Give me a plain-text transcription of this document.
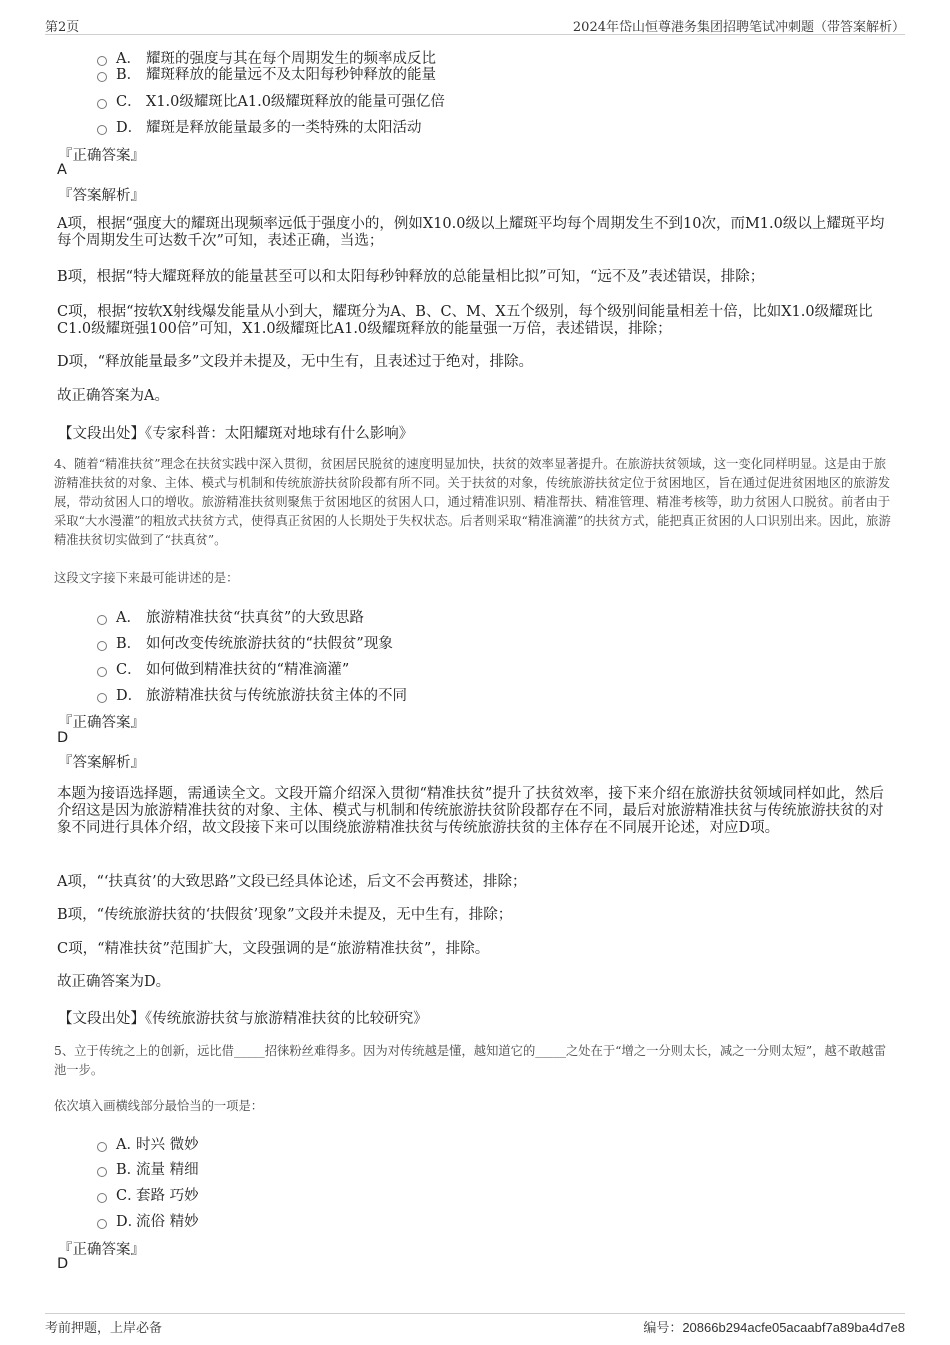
第2页	2024年岱山恒尊港务集团招聘笔试冲刺题（带答案解析）
A． 耀斑的强度与其在每个周期发生的频率成反比
B． 耀斑释放的能量远不及太阳每秒钟释放的能量
C． X1.0级耀斑比A1.0级耀斑释放的能量可强亿倍
D． 耀斑是释放能量最多的一类特殊的太阳活动
『正确答案』
A
『答案解析』

A项，根据“强度大的耀斑出现频率远低于强度小的，例如X10.0级以上耀斑平均每个周期发生不到10次，而M1.0级以上耀斑平均每个周期发生可达数千次”可知，表述正确，当选；

B项，根据“特大耀斑释放的能量甚至可以和太阳每秒钟释放的总能量相比拟”可知，“远不及”表述错误，排除；

C项，根据“按软X射线爆发能量从小到大，耀斑分为A、B、C、M、X五个级别，每个级别间能量相差十倍，比如X1.0级耀斑比C1.0级耀斑强100倍”可知，X1.0级耀斑比A1.0级耀斑释放的能量强一万倍，表述错误，排除；

D项，“释放能量最多”文段并未提及，无中生有，且表述过于绝对，排除。

故正确答案为A。

【文段出处】《专家科普：太阳耀斑对地球有什么影响》

4、随着“精准扶贫”理念在扶贫实践中深入贯彻，贫困居民脱贫的速度明显加快，扶贫的效率显著提升。在旅游扶贫领域，这一变化同样明显。这是由于旅游精准扶贫的对象、主体、模式与机制和传统旅游扶贫阶段都有所不同。关于扶贫的对象，传统旅游扶贫定位于贫困地区，旨在通过促进贫困地区的旅游发展，带动贫困人口的增收。旅游精准扶贫则聚焦于贫困地区的贫困人口，通过精准识别、精准帮扶、精准管理、精准考核等，助力贫困人口脱贫。前者由于采取“大水漫灌”的粗放式扶贫方式，使得真正贫困的人长期处于失权状态。后者则采取“精准滴灌”的扶贫方式，能把真正贫困的人口识别出来。因此，旅游精准扶贫切实做到了“扶真贫”。

这段文字接下来最可能讲述的是：

A． 旅游精准扶贫“扶真贫”的大致思路
B． 如何改变传统旅游扶贫的“扶假贫”现象
C． 如何做到精准扶贫的“精准滴灌”
D． 旅游精准扶贫与传统旅游扶贫主体的不同
『正确答案』
D
『答案解析』

本题为接语选择题，需通读全文。文段开篇介绍深入贯彻“精准扶贫”提升了扶贫效率，接下来介绍在旅游扶贫领域同样如此，然后介绍这是因为旅游精准扶贫的对象、主体、模式与机制和传统旅游扶贫阶段都存在不同，最后对旅游精准扶贫与传统旅游扶贫的对象不同进行具体介绍，故文段接下来可以围绕旅游精准扶贫与传统旅游扶贫的主体存在不同展开论述，对应D项。

A项，“‘扶真贫’的大致思路”文段已经具体论述，后文不会再赘述，排除；

B项，“传统旅游扶贫的‘扶假贫’现象”文段并未提及，无中生有，排除；

C项，“精准扶贫”范围扩大，文段强调的是“旅游精准扶贫”，排除。

故正确答案为D。

【文段出处】《传统旅游扶贫与旅游精准扶贫的比较研究》

5、立于传统之上的创新，远比借_____招徕粉丝难得多。因为对传统越是懂，越知道它的_____之处在于“增之一分则太长，减之一分则太短”，越不敢越雷池一步。

依次填入画横线部分最恰当的一项是：

A．
时兴 微妙
B．
流量 精细
C．
套路 巧妙
D．
流俗 精妙
『正确答案』
D
考前押题，上岸必备	编号：20866b294acfe05acaabf7a89ba4d7e8
